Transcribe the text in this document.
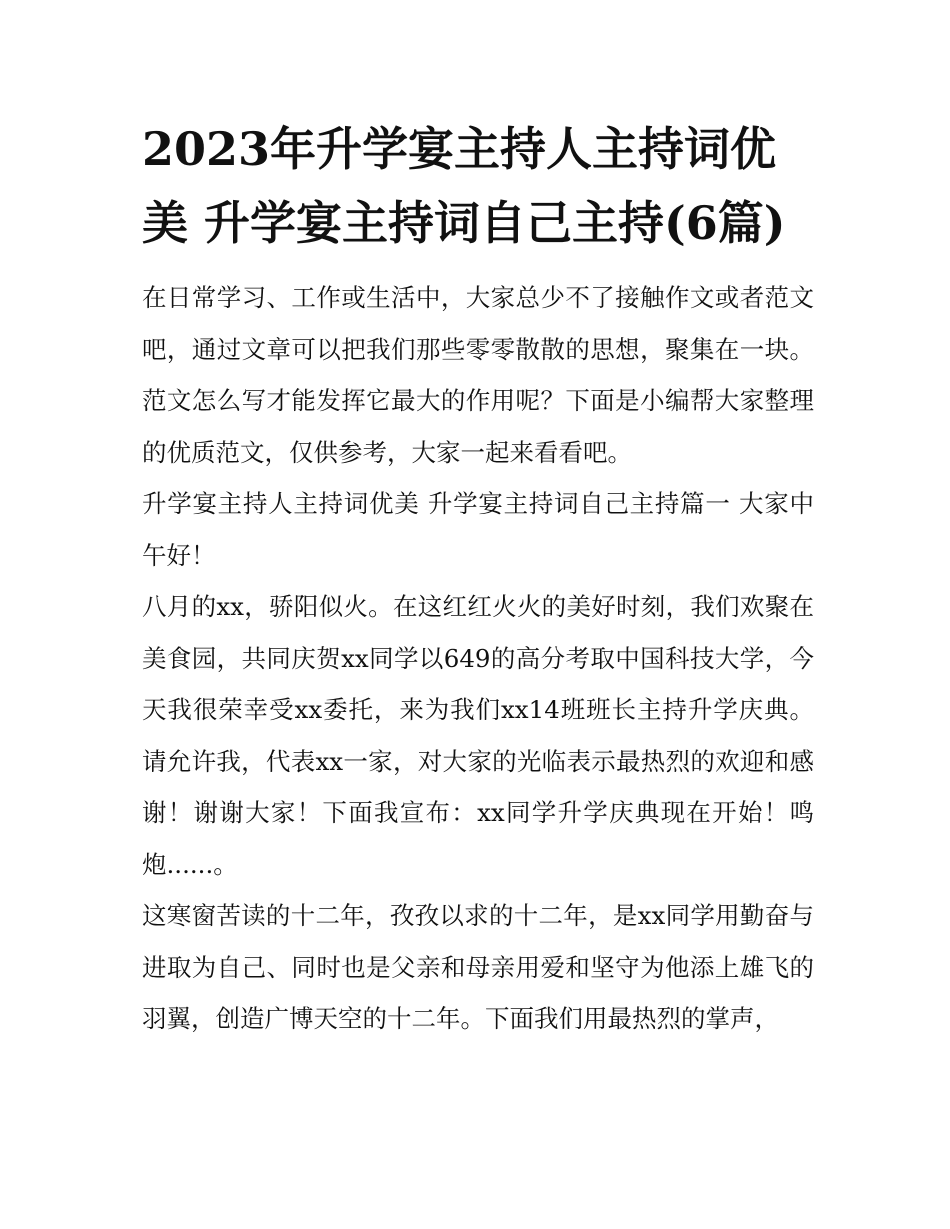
2023年升学宴主持人主持词优美 升学宴主持词自己主持(6篇)

在日常学习、工作或生活中，大家总少不了接触作文或者范文吧，通过文章可以把我们那些零零散散的思想，聚集在一块。范文怎么写才能发挥它最大的作用呢？下面是小编帮大家整理的优质范文，仅供参考，大家一起来看看吧。

升学宴主持人主持词优美 升学宴主持词自己主持篇一 大家中午好！

八月的xx，骄阳似火。在这红红火火的美好时刻，我们欢聚在美食园，共同庆贺xx同学以649的高分考取中国科技大学，今天我很荣幸受xx委托，来为我们xx14班班长主持升学庆典。请允许我，代表xx一家，对大家的光临表示最热烈的欢迎和感谢！谢谢大家！下面我宣布：xx同学升学庆典现在开始！鸣炮......。

这寒窗苦读的十二年，孜孜以求的十二年，是xx同学用勤奋与进取为自己、同时也是父亲和母亲用爱和坚守为他添上雄飞的羽翼，创造广博天空的十二年。下面我们用最热烈的掌声，
